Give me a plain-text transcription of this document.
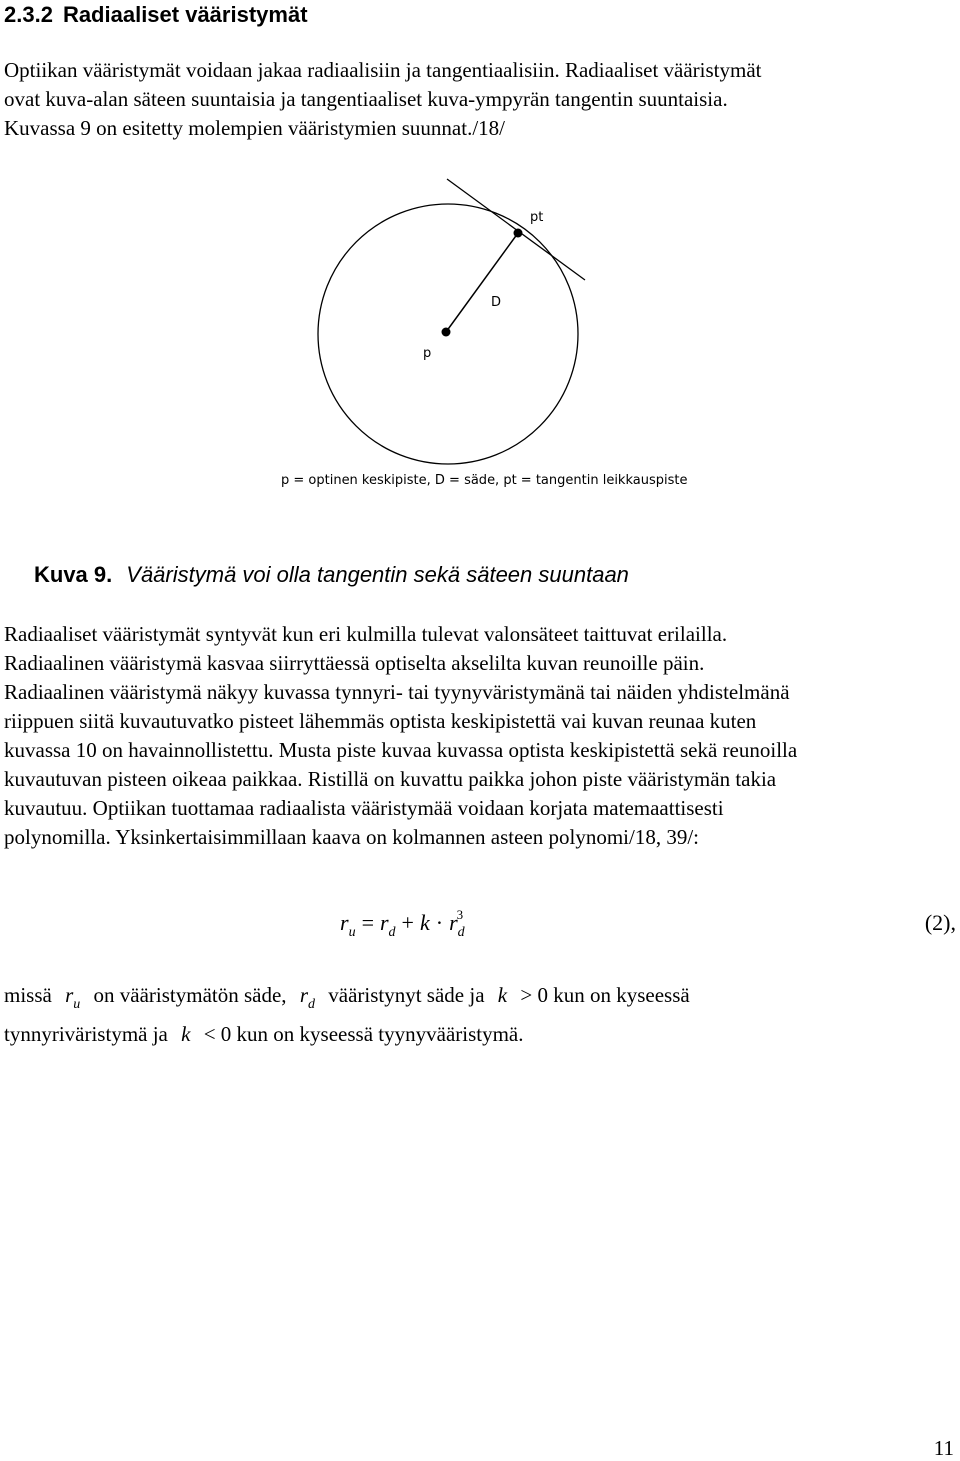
2.3.2 Radiaaliset vääristymät
Optiikan vääristymät voidaan jakaa radiaalisiin ja tangentiaalisiin. Radiaaliset vääristymät
ovat kuva-alan säteen suuntaisia ja tangentiaaliset kuva-ympyrän tangentin suuntaisia.
Kuvassa 9 on esitetty molempien vääristymien suunnat./18/
pt
D
p
p = optinen keskipiste, D = säde, pt = tangentin leikkauspiste
Kuva 9. Vääristymä voi olla tangentin sekä säteen suuntaan
Radiaaliset vääristymät syntyvät kun eri kulmilla tulevat valonsäteet taittuvat erilailla.
Radiaalinen vääristymä kasvaa siirryttäessä optiselta akselilta kuvan reunoille päin.
Radiaalinen vääristymä näkyy kuvassa tynnyri- tai tyynyväristymänä tai näiden yhdistelmänä
riippuen siitä kuvautuvatko pisteet lähemmäs optista keskipistettä vai kuvan reunaa kuten
kuvassa 10 on havainnollistettu. Musta piste kuvaa kuvassa optista keskipistettä sekä reunoilla
kuvautuvan pisteen oikeaa paikkaa. Ristillä on kuvattu paikka johon piste vääristymän takia
kuvautuu. Optiikan tuottamaa radiaalista vääristymää voidaan korjata matemaattisesti
polynomilla. Yksinkertaisimmillaan kaava on kolmannen asteen polynomi/18, 39/:
$r_u = r_d + k \cdot r_d^3$	(2),
missä $r_u$ on vääristymätön säde, $r_d$ vääristynyt säde ja k > 0 kun on kyseessä
tynnyriväristymä ja k < 0 kun on kyseessä tyynyvääristymä.
11
